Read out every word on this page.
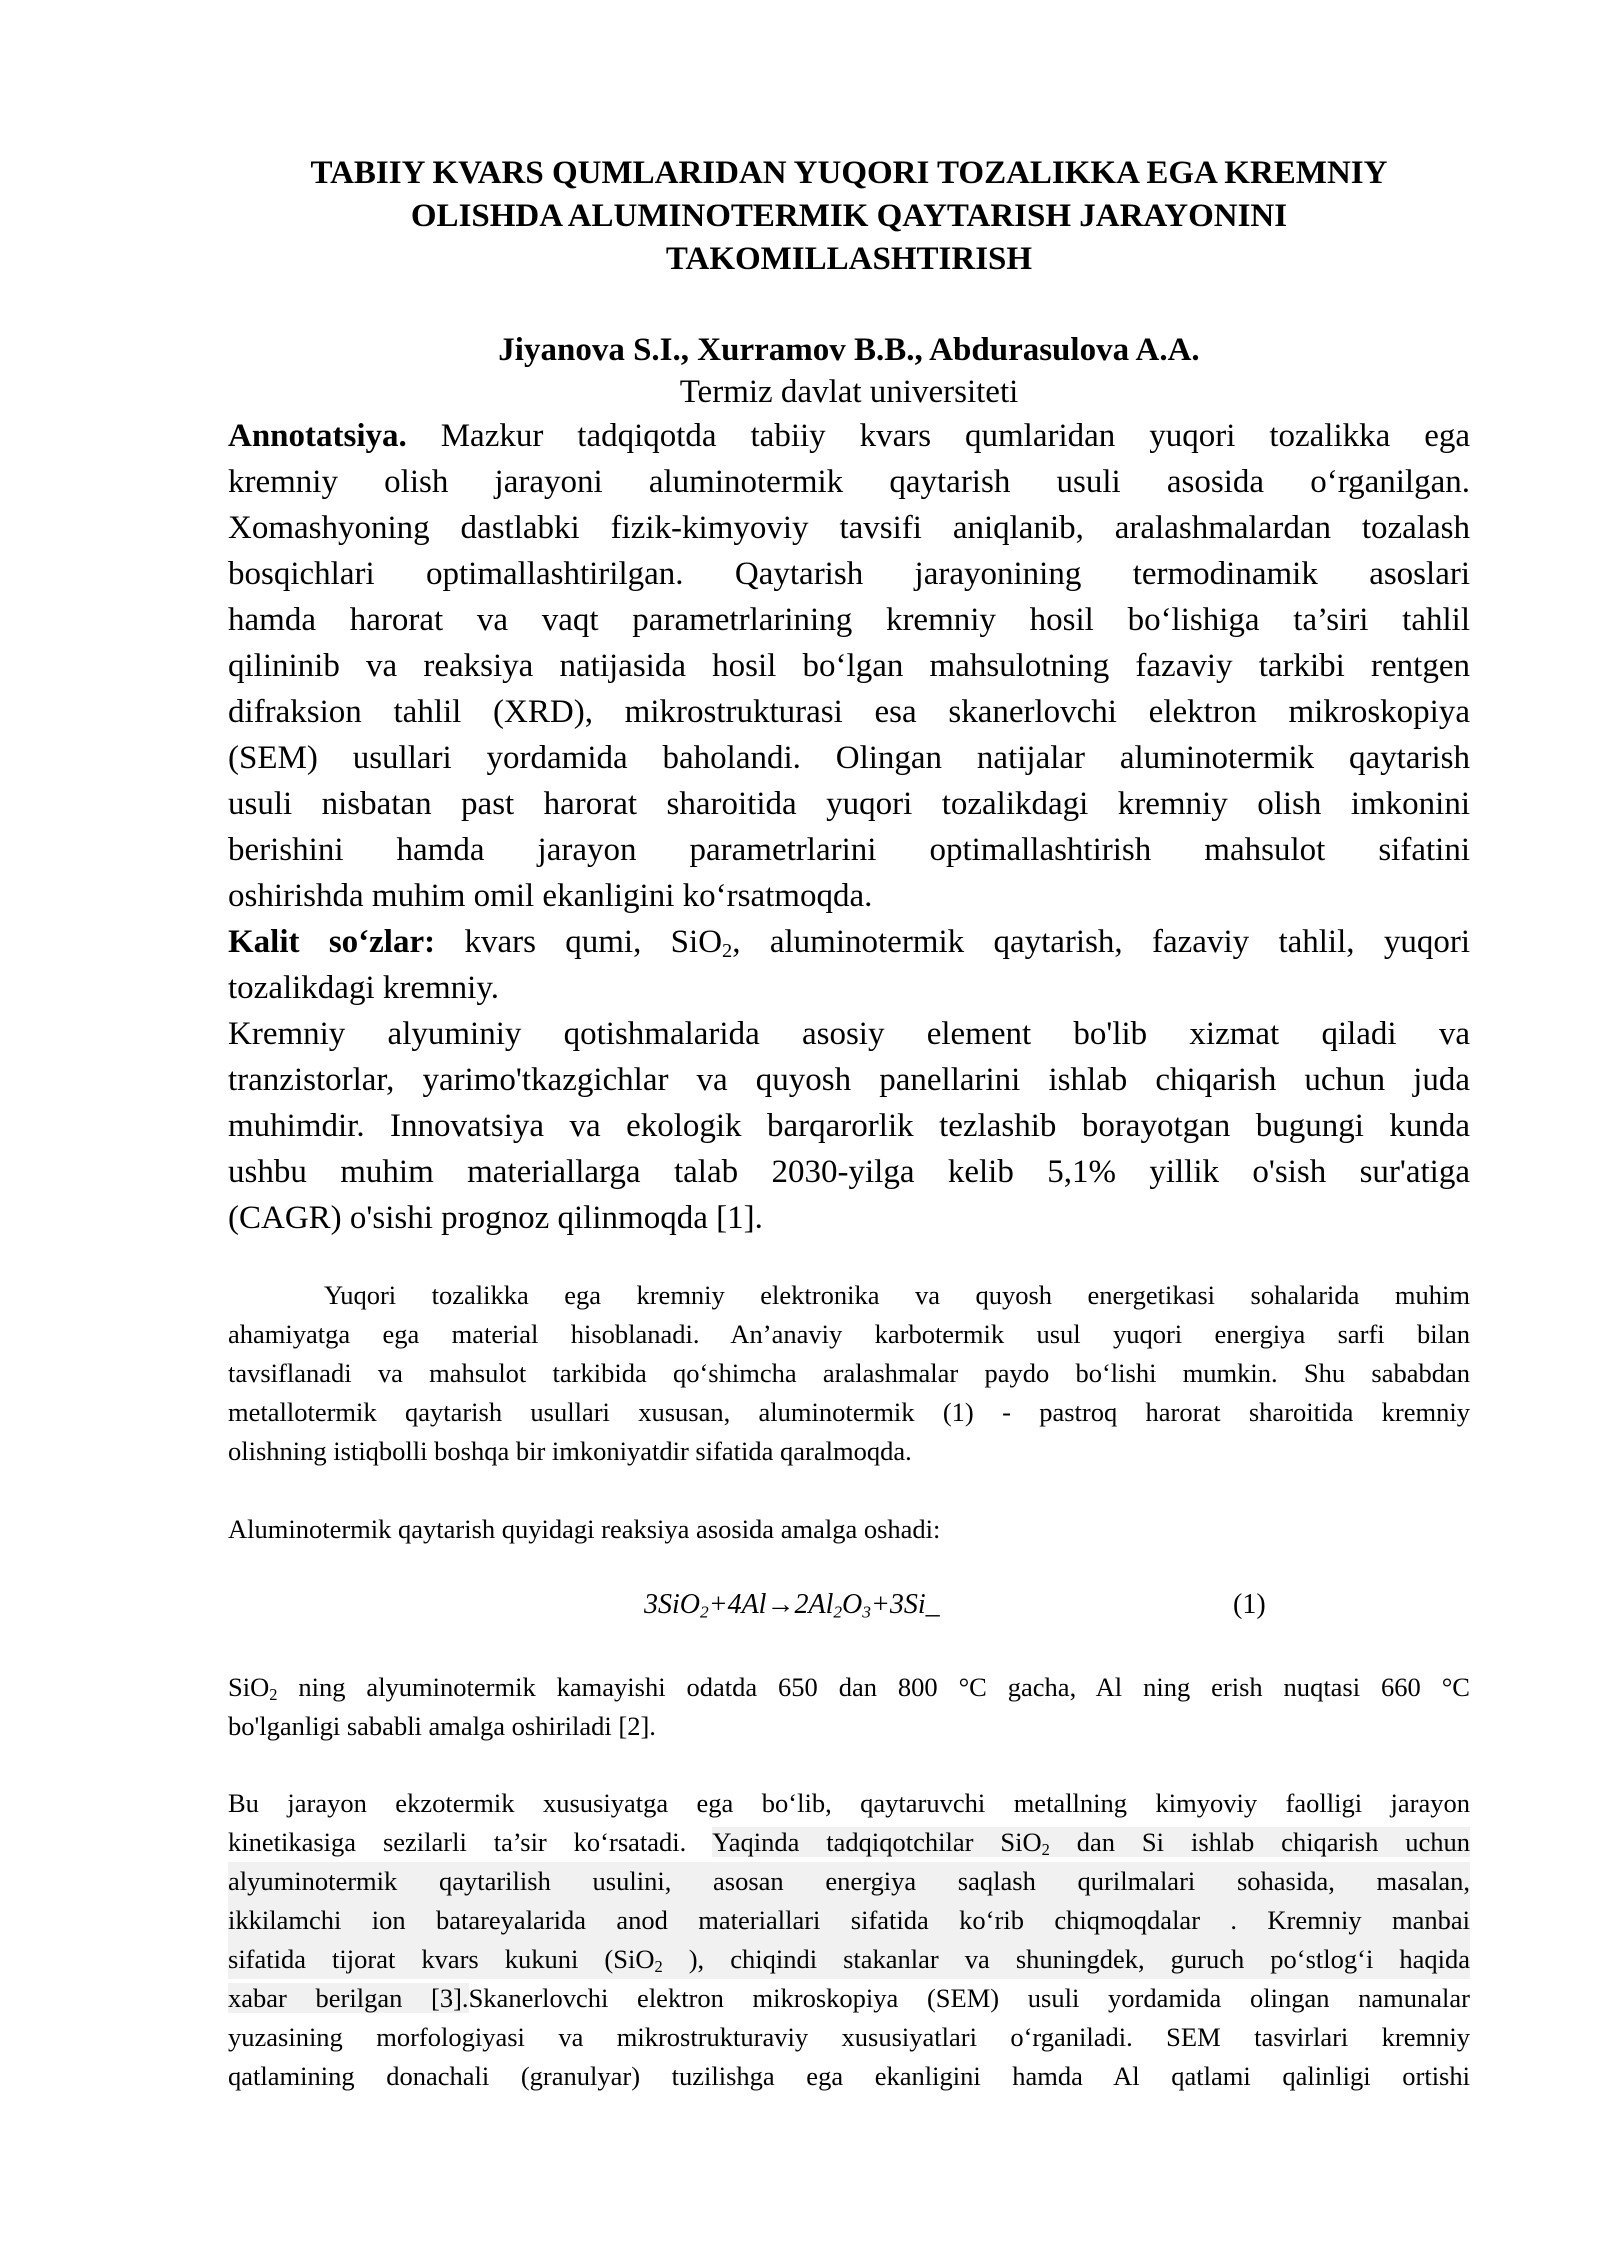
TABIIY KVARS QUMLARIDAN YUQORI TOZALIKKA EGA KREMNIY
OLISHDA ALUMINOTERMIK QAYTARISH JARAYONINI
TAKOMILLASHTIRISH
Jiyanova S.I., Xurramov B.B., Abdurasulova A.A.
Termiz davlat universiteti
Annotatsiya. Mazkur tadqiqotda tabiiy kvars qumlaridan yuqori tozalikka ega
kremniy olish jarayoni aluminotermik qaytarish usuli asosida o‘rganilgan.
Xomashyoning dastlabki fizik-kimyoviy tavsifi aniqlanib, aralashmalardan tozalash
bosqichlari optimallashtirilgan. Qaytarish jarayonining termodinamik asoslari
hamda harorat va vaqt parametrlarining kremniy hosil bo‘lishiga ta’siri tahlil
qilininib va reaksiya natijasida hosil bo‘lgan mahsulotning fazaviy tarkibi rentgen
difraksion tahlil (XRD), mikrostrukturasi esa skanerlovchi elektron mikroskopiya
(SEM) usullari yordamida baholandi. Olingan natijalar aluminotermik qaytarish
usuli nisbatan past harorat sharoitida yuqori tozalikdagi kremniy olish imkonini
berishini hamda jarayon parametrlarini optimallashtirish mahsulot sifatini
oshirishda muhim omil ekanligini ko‘rsatmoqda.
Kalit so‘zlar: kvars qumi, SiO$_2$, aluminotermik qaytarish, fazaviy tahlil, yuqori
tozalikdagi kremniy.
Kremniy alyuminiy qotishmalarida asosiy element bo'lib xizmat qiladi va
tranzistorlar, yarimo'tkazgichlar va quyosh panellarini ishlab chiqarish uchun juda
muhimdir. Innovatsiya va ekologik barqarorlik tezlashib borayotgan bugungi kunda
ushbu muhim materiallarga talab 2030-yilga kelib 5,1% yillik o'sish sur'atiga
(CAGR) o'sishi prognoz qilinmoqda [1].
Yuqori tozalikka ega kremniy elektronika va quyosh energetikasi sohalarida muhim
ahamiyatga ega material hisoblanadi. An’anaviy karbotermik usul yuqori energiya sarfi bilan
tavsiflanadi va mahsulot tarkibida qo‘shimcha aralashmalar paydo bo‘lishi mumkin. Shu sababdan
metallotermik qaytarish usullari xususan, aluminotermik (1) - pastroq harorat sharoitida kremniy
olishning istiqbolli boshqa bir imkoniyatdir sifatida qaralmoqda.
Aluminotermik qaytarish quyidagi reaksiya asosida amalga oshadi:
$3SiO_2+4Al\to 2Al_2O_3+3Si\_$	(1)
SiO$_2$ ning alyuminotermik kamayishi odatda 650 dan 800 °C gacha, Al ning erish nuqtasi 660 °C
bo'lganligi sababli amalga oshiriladi [2].
Bu jarayon ekzotermik xususiyatga ega bo‘lib, qaytaruvchi metallning kimyoviy faolligi jarayon
kinetikasiga sezilarli ta’sir ko‘rsatadi. Yaqinda tadqiqotchilar SiO$_2$ dan Si ishlab chiqarish uchun
alyuminotermik qaytarilish usulini, asosan energiya saqlash qurilmalari sohasida, masalan,
ikkilamchi ion batareyalarida anod materiallari sifatida ko‘rib chiqmoqdalar . Kremniy manbai
sifatida tijorat kvars kukuni (SiO$_2$ ), chiqindi stakanlar va shuningdek, guruch po‘stlog‘i haqida
xabar berilgan [3].Skanerlovchi elektron mikroskopiya (SEM) usuli yordamida olingan namunalar
yuzasining morfologiyasi va mikrostrukturaviy xususiyatlari o‘rganiladi. SEM tasvirlari kremniy
qatlamining donachali (granulyar) tuzilishga ega ekanligini hamda Al qatlami qalinligi ortishi
